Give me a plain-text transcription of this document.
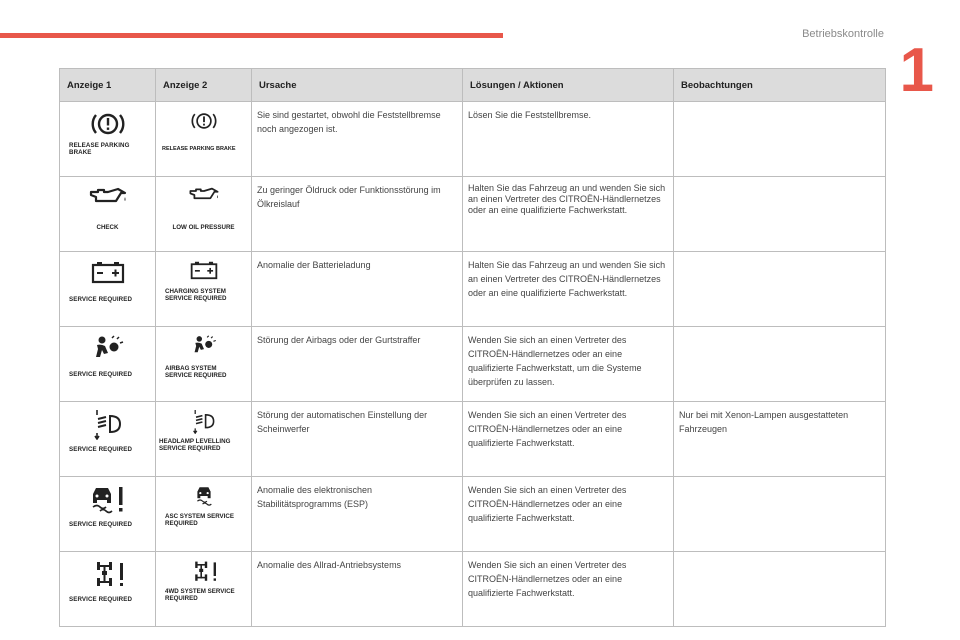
Betriebskontrolle
1
Anzeige 1	Anzeige 2	Ursache	Lösungen / Aktionen	Beobachtungen

RELEASE PARKING BRAKE	RELEASE PARKING BRAKE	Sie sind gestartet, obwohl die Feststellbremse noch angezogen ist.	Lösen Sie die Feststellbremse.	

CHECK	LOW OIL PRESSURE	Zu geringer Öldruck oder Funktionsstörung im Ölkreislauf	Halten Sie das Fahrzeug an und wenden Sie sich an einen Vertreter des CITROËN-Händlernetzes oder an eine qualifizierte Fachwerkstatt.	

SERVICE REQUIRED	CHARGING SYSTEM SERVICE REQUIRED	Anomalie der Batterieladung	Halten Sie das Fahrzeug an und wenden Sie sich an einen Vertreter des CITROËN-Händlernetzes oder an eine qualifizierte Fachwerkstatt.	

SERVICE REQUIRED	AIRBAG SYSTEM SERVICE REQUIRED	Störung der Airbags oder der Gurtstraffer	Wenden Sie sich an einen Vertreter des CITROËN-Händlernetzes oder an eine qualifizierte Fachwerkstatt, um die Systeme überprüfen zu lassen.	

SERVICE REQUIRED	HEADLAMP LEVELLING SERVICE REQUIRED	Störung der automatischen Einstellung der Scheinwerfer	Wenden Sie sich an einen Vertreter des CITROËN-Händlernetzes oder an eine qualifizierte Fachwerkstatt.	Nur bei mit Xenon-Lampen ausgestatteten Fahrzeugen

SERVICE REQUIRED	ASC SYSTEM SERVICE REQUIRED	Anomalie des elektronischen Stabilitätsprogramms (ESP)	Wenden Sie sich an einen Vertreter des CITROËN-Händlernetzes oder an eine qualifizierte Fachwerkstatt.	

SERVICE REQUIRED	4WD SYSTEM SERVICE REQUIRED	Anomalie des Allrad-Antriebsystems	Wenden Sie sich an einen Vertreter des CITROËN-Händlernetzes oder an eine qualifizierte Fachwerkstatt.	
